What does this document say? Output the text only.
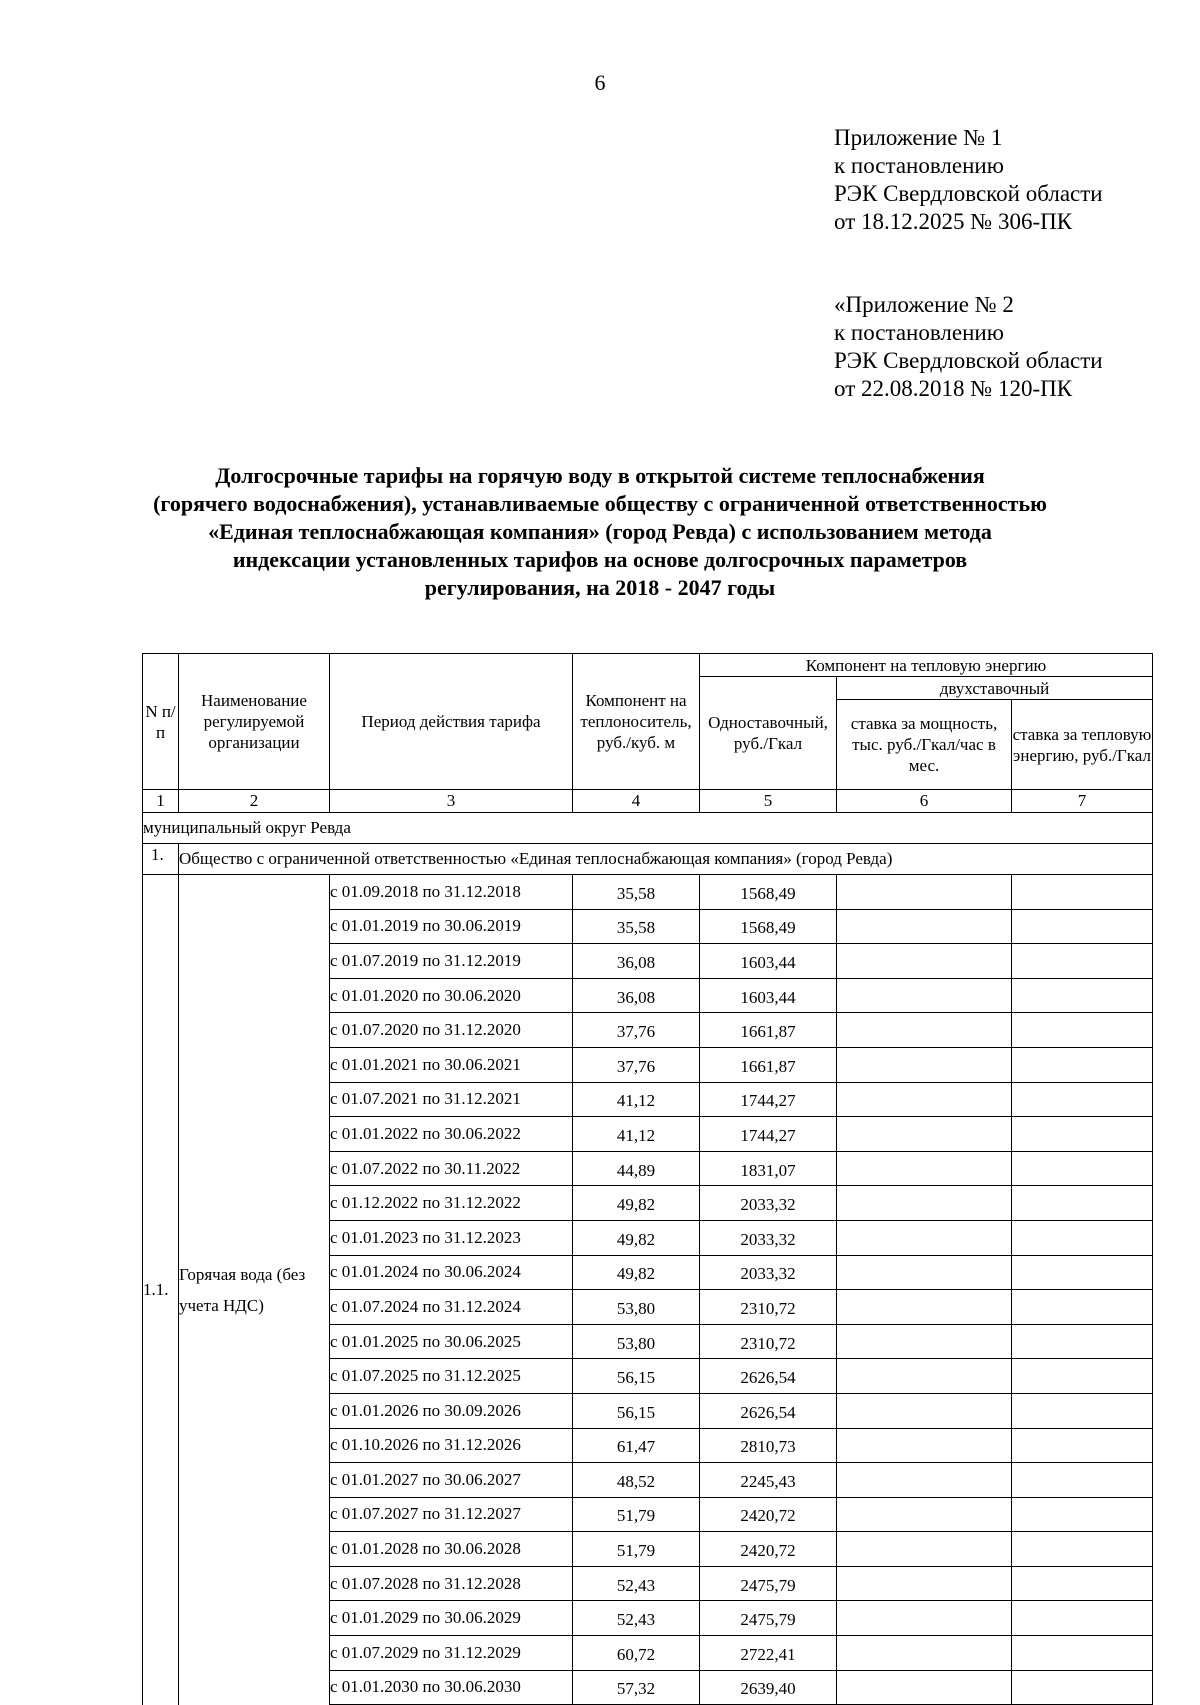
6
Приложение № 1
к постановлению
РЭК Свердловской области
от 18.12.2025 № 306-ПК
«Приложение № 2
к постановлению
РЭК Свердловской области
от 22.08.2018 № 120-ПК
Долгосрочные тарифы на горячую воду в открытой системе теплоснабжения
(горячего водоснабжения), устанавливаемые обществу с ограниченной ответственностью
«Единая теплоснабжающая компания» (город Ревда) с использованием метода
индексации установленных тарифов на основе долгосрочных параметров
регулирования, на 2018 - 2047 годы
N п/п	Наименование регулируемой организации	Период действия тарифа	Компонент на теплоноситель, руб./куб. м	Компонент на тепловую энергию		
				Одноставочный, руб./Гкал	двухставочный	
					ставка за мощность, тыс. руб./Гкал/час в мес.	ставка за тепловую энергию, руб./Гкал
1	2	3	4	5	6	7
муниципальный округ Ревда						
1.	Общество с ограниченной ответственностью «Единая теплоснабжающая компания» (город Ревда)					
1.1.	Горячая вода (без
учета НДС)	с 01.09.2018 по 31.12.2018	35,58	1568,49		
		с 01.01.2019 по 30.06.2019	35,58	1568,49		
		с 01.07.2019 по 31.12.2019	36,08	1603,44		
		с 01.01.2020 по 30.06.2020	36,08	1603,44		
		с 01.07.2020 по 31.12.2020	37,76	1661,87		
		с 01.01.2021 по 30.06.2021	37,76	1661,87		
		с 01.07.2021 по 31.12.2021	41,12	1744,27		
		с 01.01.2022 по 30.06.2022	41,12	1744,27		
		с 01.07.2022 по 30.11.2022	44,89	1831,07		
		с 01.12.2022 по 31.12.2022	49,82	2033,32		
		с 01.01.2023 по 31.12.2023	49,82	2033,32		
		с 01.01.2024 по 30.06.2024	49,82	2033,32		
		с 01.07.2024 по 31.12.2024	53,80	2310,72		
		с 01.01.2025 по 30.06.2025	53,80	2310,72		
		с 01.07.2025 по 31.12.2025	56,15	2626,54		
		с 01.01.2026 по 30.09.2026	56,15	2626,54		
		с 01.10.2026 по 31.12.2026	61,47	2810,73		
		с 01.01.2027 по 30.06.2027	48,52	2245,43		
		с 01.07.2027 по 31.12.2027	51,79	2420,72		
		с 01.01.2028 по 30.06.2028	51,79	2420,72		
		с 01.07.2028 по 31.12.2028	52,43	2475,79		
		с 01.01.2029 по 30.06.2029	52,43	2475,79		
		с 01.07.2029 по 31.12.2029	60,72	2722,41		
		с 01.01.2030 по 30.06.2030	57,32	2639,40		
